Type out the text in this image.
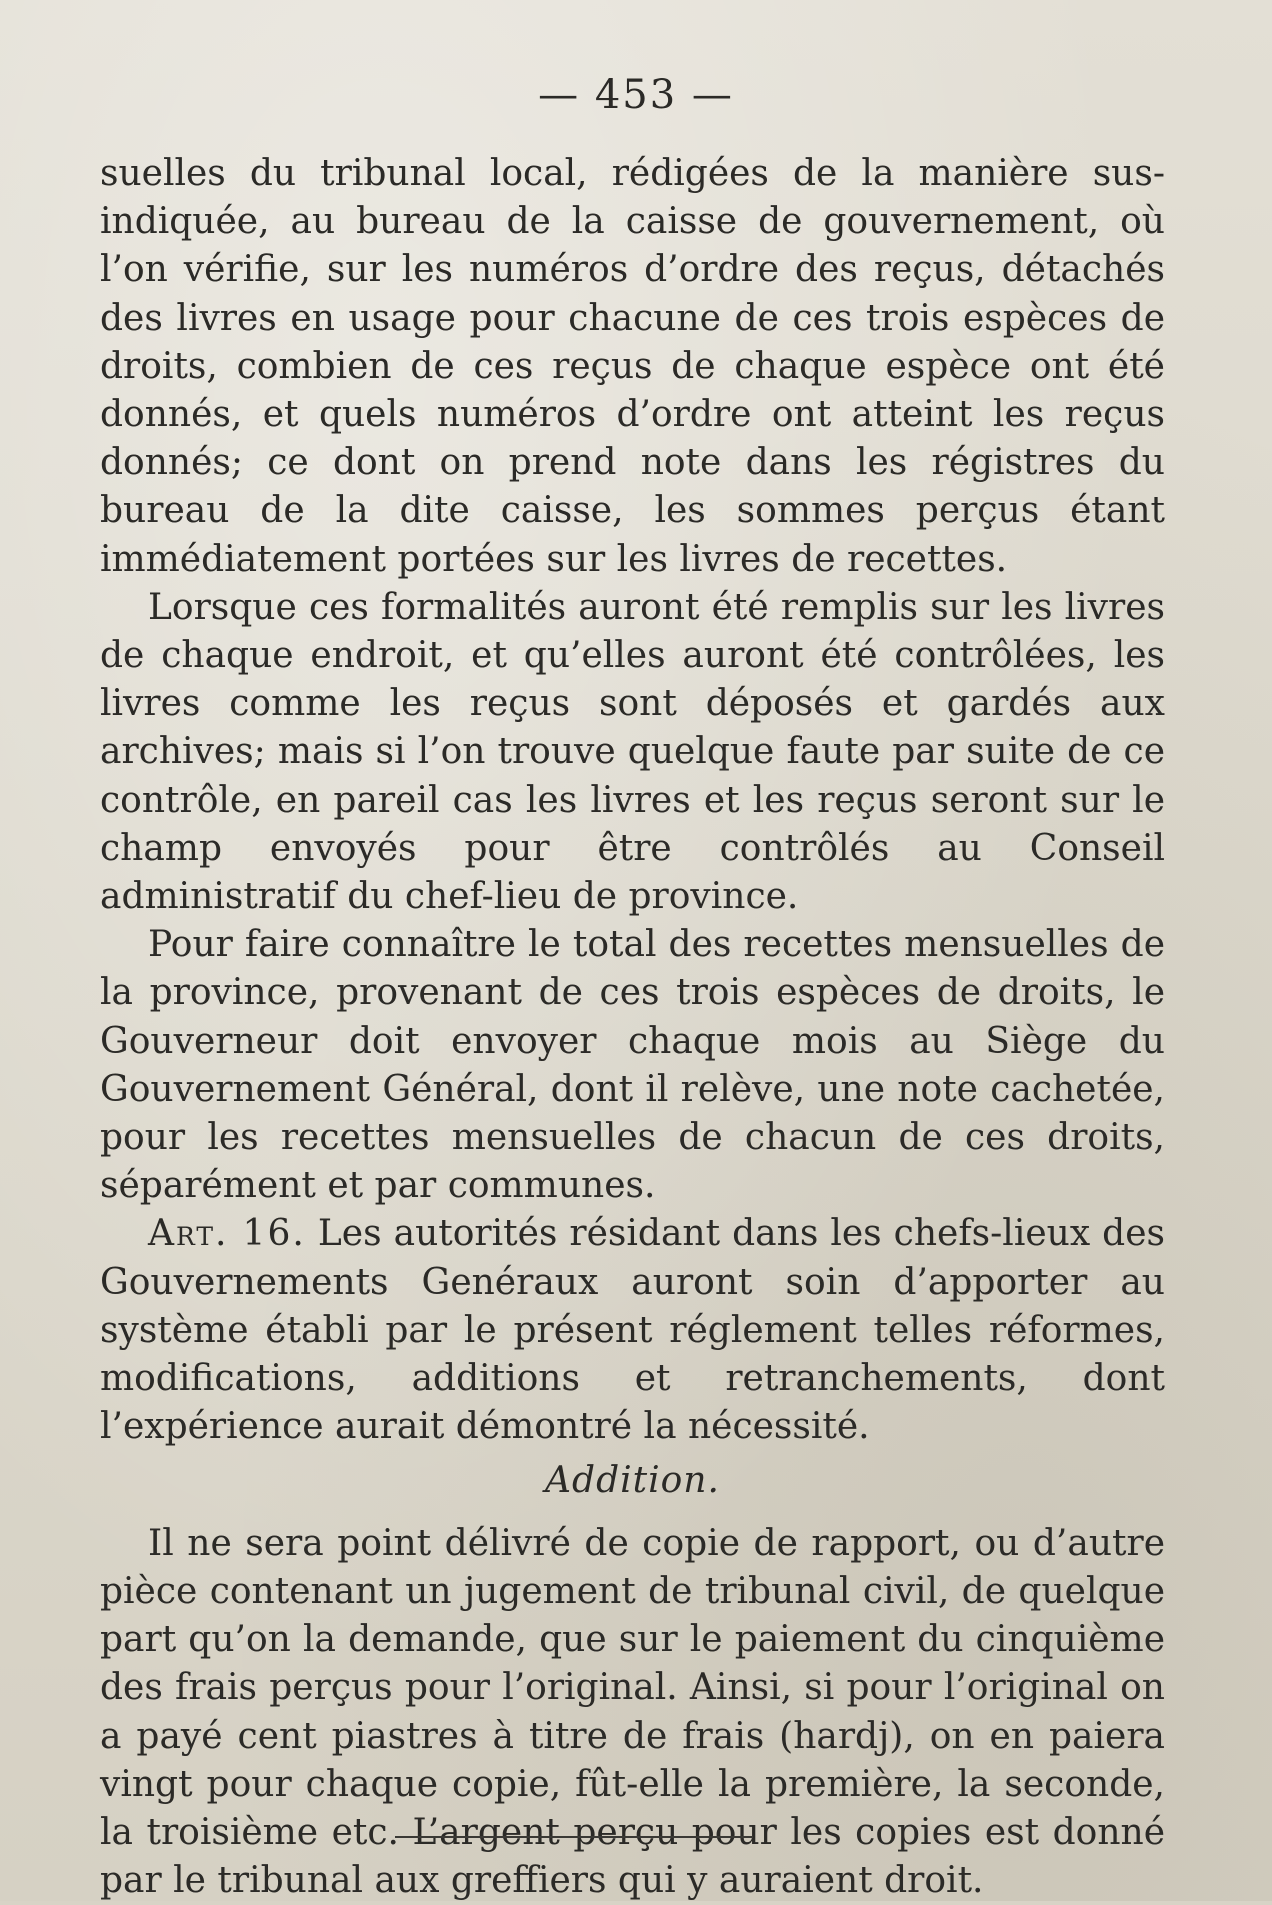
— 453 —

suelles du tribunal local, rédigées de la manière sus-indiquée, au bureau de la caisse de gouvernement, où l’on vérifie, sur les numéros d’ordre des reçus, détachés des livres en usage pour chacune de ces trois espèces de droits, combien de ces reçus de chaque espèce ont été donnés, et quels numéros d’ordre ont atteint les reçus donnés; ce dont on prend note dans les régistres du bureau de la dite caisse, les sommes perçus étant immédiatement portées sur les livres de recettes.

Lorsque ces formalités auront été remplis sur les livres de chaque endroit, et qu’elles auront été contrôlées, les livres comme les reçus sont déposés et gardés aux archives; mais si l’on trouve quelque faute par suite de ce contrôle, en pareil cas les livres et les reçus seront sur le champ envoyés pour être contrôlés au Conseil administratif du chef-lieu de province.

Pour faire connaître le total des recettes mensuelles de la province, provenant de ces trois espèces de droits, le Gouverneur doit envoyer chaque mois au Siège du Gouvernement Général, dont il relève, une note cachetée, pour les recettes mensuelles de chacun de ces droits, séparément et par communes.

Art. 16. Les autorités résidant dans les chefs-lieux des Gouvernements Genéraux auront soin d’apporter au système établi par le présent réglement telles réformes, modifications, additions et retranchements, dont l’expérience aurait démontré la nécessité.

Addition.

Il ne sera point délivré de copie de rapport, ou d’autre pièce contenant un jugement de tribunal civil, de quelque part qu’on la demande, que sur le paiement du cinquième des frais perçus pour l’original. Ainsi, si pour l’original on a payé cent piastres à titre de frais (hardj), on en paiera vingt pour chaque copie, fût-elle la première, la seconde, la troisième etc. L’argent perçu pour les copies est donné par le tribunal aux greffiers qui y auraient droit.
